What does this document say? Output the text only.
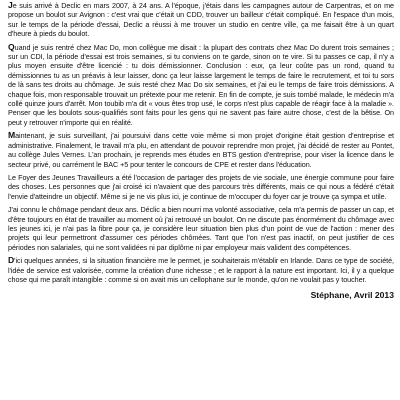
Je suis arrivé à Declic en mars 2007, à 24 ans. A l'époque, j'étais dans les campagnes autour de Carpentras, et on me propose un boulot sur Avignon : c'est vrai que c'était un CDD, trouver un bailleur c'était compliqué. En l'espace d'un mois, sur le temps de la période d'essai, Declic a réussi à me trouver un studio en centre ville, ça me faisait être à un quart d'heure à pieds du boulot.

Quand je suis rentré chez Mac Do, mon collègue me disait : la plupart des contrats chez Mac Do durent trois semaines ; sur un CDI, la période d'essai est trois semaines, si tu conviens on te garde, sinon on te vire. Si tu passes ce cap, il n'y a plus moyen ensuite d'être licencié : tu dois démissionner. Conclusion : eux, ça leur coûte pas un rond, quand tu démissionnes tu as un préavis à leur laisser, donc ça leur laisse largement le temps de faire le recrutement, et toi tu sors de là sans tes droits au chômage. Je suis resté chez Mac Do six semaines, et j'ai eu le temps de faire trois démissions. A chaque fois, mon responsable trouvait un prétexte pour me retenir. En fin de compte, je suis tombé malade, le médecin m'a collé quinze jours d'arrêt. Mon toubib m'a dit « vous êtes trop usé, le corps n'est plus capable de réagir face à la maladie ». Penser que les boulots sous-qualifiés sont faits pour les gens qui ne savent pas faire autre chose, c'est de la bêtise. On peut y retrouver n'importe qui en réalité.

Maintenant, je suis surveillant, j'ai poursuivi dans cette voie même si mon projet d'origine était gestion d'entreprise et administrative. Finalement, le travail m'a plu, en attendant de pouvoir reprendre mon projet, j'ai décidé de rester au Pontet, au collège Jules Vernes. L'an prochain, je reprends mes études en BTS gestion d'entreprise, pour viser la licence dans le secteur privé, ou carrément le BAC +5 pour tenter le concours de CPE et rester dans l'éducation.

Le Foyer des Jeunes Travailleurs a été l'occasion de partager des projets de vie sociale, une énergie commune pour faire des choses. Les personnes que j'ai croisé ici n'avaient que des parcours très différents, mais ce qui nous a fédéré c'était l'envie d'atteindre un objectif. Même si je ne vis plus ici, je continue de m'occuper du foyer car je trouve ça sympa et utile.

J'ai connu le chômage pendant deux ans. Déclic a bien nourri ma volonté associative, cela m'a permis de passer un cap, et d'être toujours en état de travailler au moment où j'ai retrouvé un boulot. On ne discute pas énormément du chômage avec les jeunes ici, je n'ai pas la fibre pour ça, je considère leur situation bien plus d'un point de vue de l'action : mener des projets qui leur permettront d'assumer ces périodes chômées. Tant que l'on n'est pas inactif, on peut justifier de ces périodes non salariales, qui ne sont validées ni par diplôme ni par employeur mais valident des compétences.

D'ici quelques années, si la situation financière me le permet, je souhaiterais m'établir en Irlande. Dans ce type de société, l'idée de service est valorisée, comme la création d'une richesse ; et le rapport à la nature est important. Ici, il y a quelque chose qui me paraît intangible : comme si on avait mis un cellophane sur le monde, qu'on ne voulait pas y toucher.

Stéphane, Avril 2013
